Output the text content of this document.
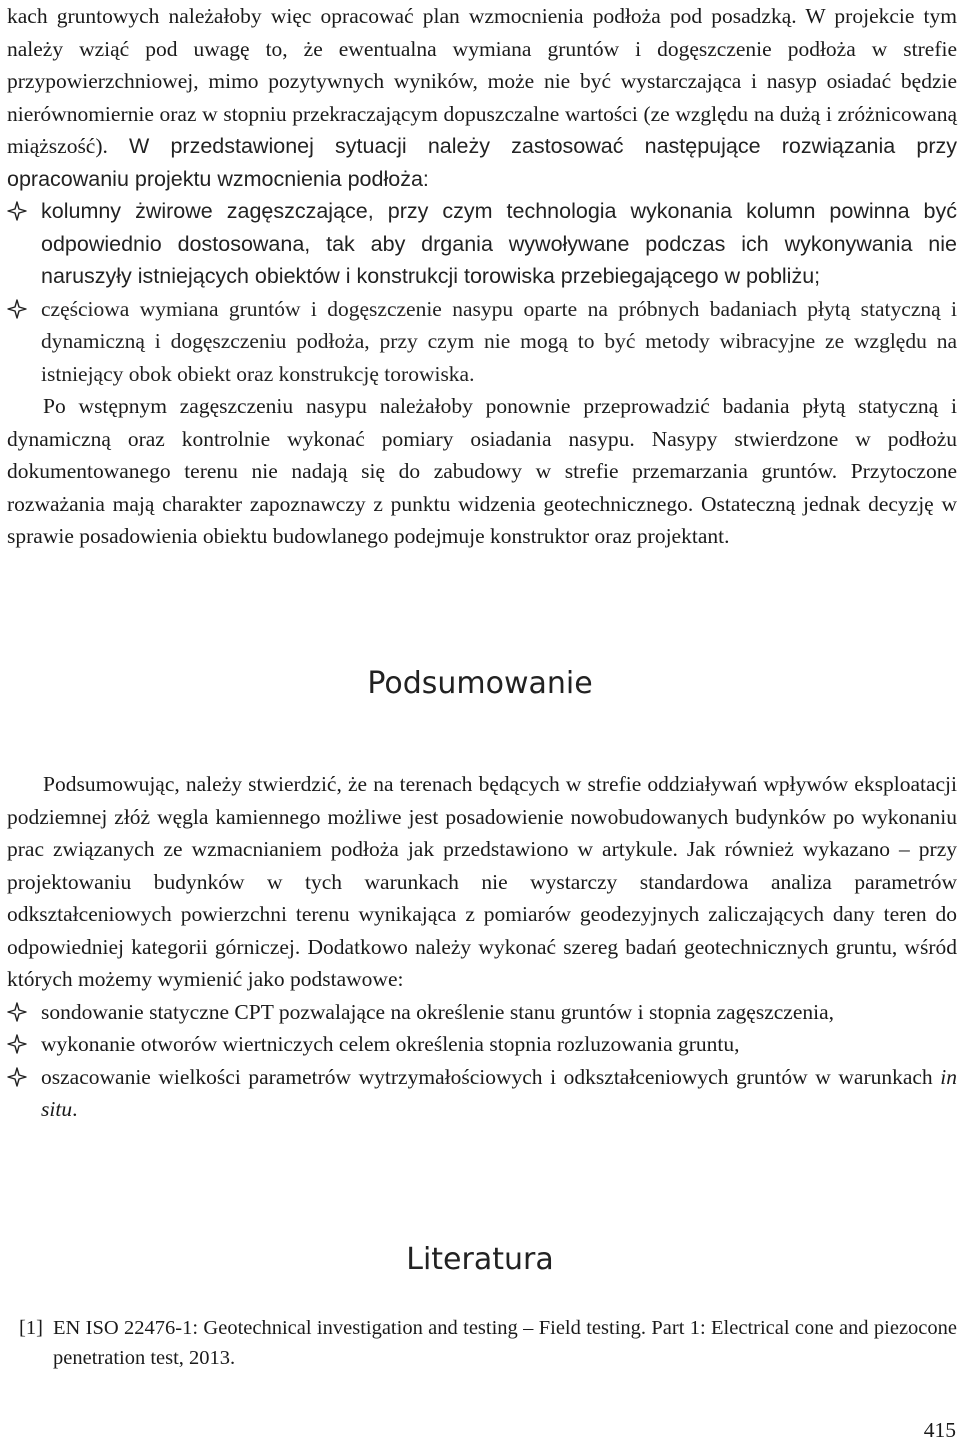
kach gruntowych należałoby więc opracować plan wzmocnienia podłoża pod posadzką. W projekcie tym należy wziąć pod uwagę to, że ewentualna wymiana gruntów i dogęszczenie podłoża w strefie przypowierzchniowej, mimo pozytywnych wyników, może nie być wystarczająca i nasyp osiadać będzie nierównomiernie oraz w stopniu przekraczającym dopuszczalne wartości (ze względu na dużą i zróżnicowaną miąższość). W przedstawionej sytuacji należy zastosować następujące rozwiązania przy opracowaniu projektu wzmocnienia podłoża:

kolumny żwirowe zagęszczające, przy czym technologia wykonania kolumn powinna być odpowiednio dostosowana, tak aby drgania wywoływane podczas ich wykonywania nie naruszyły istniejących obiektów i konstrukcji torowiska przebiegającego w pobliżu;
częściowa wymiana gruntów i dogęszczenie nasypu oparte na próbnych badaniach płytą statyczną i dynamiczną i dogęszczeniu podłoża, przy czym nie mogą to być metody wibracyjne ze względu na istniejący obok obiekt oraz konstrukcję torowiska.

Po wstępnym zagęszczeniu nasypu należałoby ponownie przeprowadzić badania płytą statyczną i dynamiczną oraz kontrolnie wykonać pomiary osiadania nasypu. Nasypy stwierdzone w podłożu dokumentowanego terenu nie nadają się do zabudowy w strefie przemarzania gruntów. Przytoczone rozważania mają charakter zapoznawczy z punktu widzenia geotechnicznego. Ostateczną jednak decyzję w sprawie posadowienia obiektu budowlanego podejmuje konstruktor oraz projektant.

Podsumowanie

Podsumowując, należy stwierdzić, że na terenach będących w strefie oddziaływań wpływów eksploatacji podziemnej złóż węgla kamiennego możliwe jest posadowienie nowobudowanych budynków po wykonaniu prac związanych ze wzmacnianiem podłoża jak przedstawiono w artykule. Jak również wykazano – przy projektowaniu budynków w tych warunkach nie wystarczy standardowa analiza parametrów odkształceniowych powierzchni terenu wynikająca z pomiarów geodezyjnych zaliczających dany teren do odpowiedniej kategorii górniczej. Dodatkowo należy wykonać szereg badań geotechnicznych gruntu, wśród których możemy wymienić jako podstawowe:

sondowanie statyczne CPT pozwalające na określenie stanu gruntów i stopnia zagęszczenia,
wykonanie otworów wiertniczych celem określenia stopnia rozluzowania gruntu,
oszacowanie wielkości parametrów wytrzymałościowych i odkształceniowych gruntów w warunkach in situ.
Literatura
[1] EN ISO 22476-1: Geotechnical investigation and testing – Field testing. Part 1: Electrical cone and piezocone penetration test, 2013.
415
